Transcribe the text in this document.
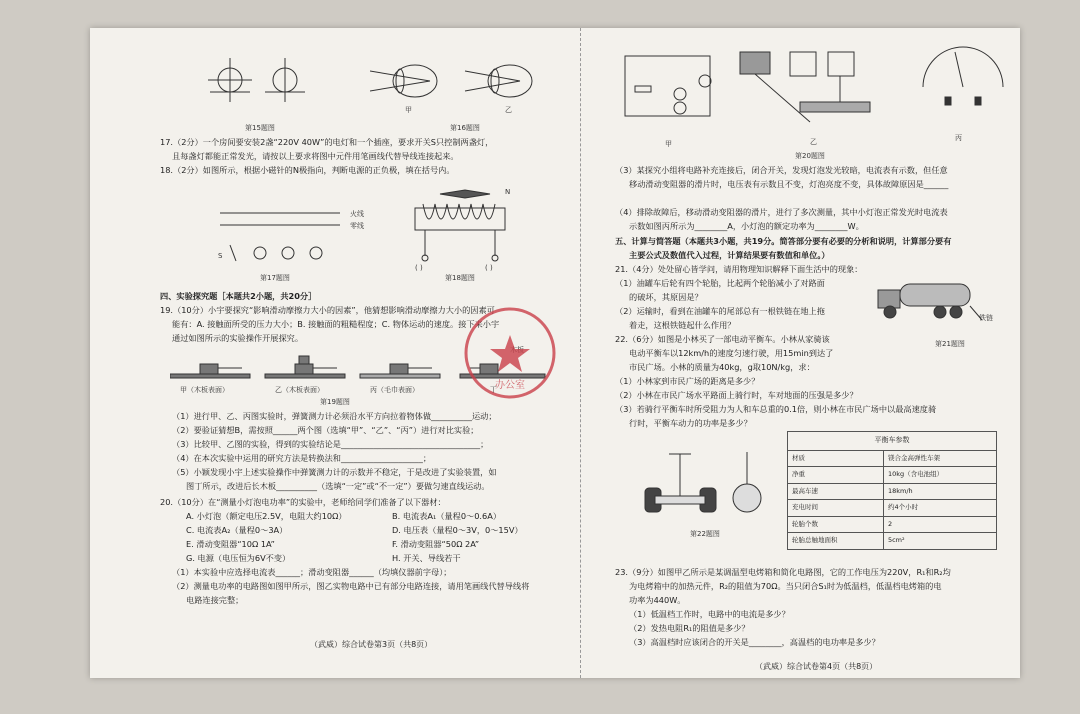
甲	乙
第15题图	第16题图
17.（2分）一个房间要安装2盏“220V 40W”的电灯和一个插座，要求开关S只控制两盏灯，
且每盏灯都能正常发光，请按以上要求将图中元件用笔画线代替导线连接起来。
18.（2分）如图所示，根据小磁针的N极指向，判断电源的正负极，填在括号内。
火线
零线
S
第17题图
N
( )	( )
第18题图
四、实验探究题［本题共2小题，共20分］
19.（10分）小宇要探究“影响滑动摩擦力大小的因素”，他猜想影响滑动摩擦力大小的因素可
能有：A. 接触面所受的压力大小；B. 接触面的粗糙程度；C. 物体运动的速度。接下来小宇
通过如图所示的实验操作开展探究。
甲（木板表面）	乙（木板表面）	丙（毛巾表面）	丁
第19题图
（1）进行甲、乙、丙图实验时，弹簧测力计必须沿水平方向拉着物体做__________运动；
（2）要验证猜想B，需按照______两个图（选填“甲”、“乙”、“丙”）进行对比实验；
（3）比较甲、乙图的实验，得到的实验结论是__________________________________；
（4）在本次实验中运用的研究方法是转换法和____________________；
（5）小颖发现小宇上述实验操作中弹簧测力计的示数并不稳定，于是改进了实验装置，如
图丁所示，改进后长木板__________（选填“一定”或“不一定”）要做匀速直线运动。
20.（10分）在“测量小灯泡电功率”的实验中，老师给同学们准备了以下器材：
A. 小灯泡（额定电压2.5V，电阻大约10Ω）	B. 电流表A₁（量程0～0.6A）
C. 电流表A₂（量程0～3A）	D. 电压表（量程0～3V，0～15V）
E. 滑动变阻器“10Ω 1A”	F. 滑动变阻器“50Ω 2A”
G. 电源（电压恒为6V不变）	H. 开关、导线若干
（1）本实验中应选择电流表______；滑动变阻器______（均填仪器前字母）；
（2）测量电功率的电路图如图甲所示，图乙实物电路中已有部分电路连接，请用笔画线代替导线将
电路连接完整；
（武威）综合试卷第3页（共8页）
办公室
甲	乙	丙
第20题图
（3）某探究小组将电路补充连接后，闭合开关，发现灯泡发光较暗，电流表有示数，但任意
移动滑动变阻器的滑片时，电压表有示数且不变，灯泡亮度不变，具体故障原因是______
（4）排除故障后，移动滑动变阻器的滑片，进行了多次测量，其中小灯泡正常发光时电流表
示数如图丙所示为________A，小灯泡的额定功率为________W。
五、计算与简答题（本题共3小题，共19分。简答部分要有必要的分析和说明，计算部分要有
主要公式及数值代入过程，计算结果要有数值和单位。）
21.（4分）处处留心皆学问，请用物理知识解释下面生活中的现象：
（1）油罐车后轮有四个轮胎，比起两个轮胎减小了对路面
的破坏，其原因是？
（2）运输时，看到在油罐车的尾部总有一根铁链在地上拖
着走，这根铁链起什么作用？
铁链
第21题图
22.（6分）如图是小林买了一部电动平衡车。小林从家骑该
电动平衡车以12km/h的速度匀速行驶，用15min到达了
市民广场。小林的质量为40kg，g取10N/kg，求：
（1）小林家到市民广场的距离是多少？
（2）小林在市民广场水平路面上骑行时，车对地面的压强是多少？
（3）若骑行平衡车时所受阻力为人和车总重的0.1倍，则小林在市民广场中以最高速度骑
行时，平衡车动力的功率是多少？
第22题图
平衡车参数
材质	镁合金高弹性车架
净重	10kg（含电池组）
最高车速	18km/h
充电时间	约4个小时
轮胎个数	2
轮胎总触地面积	5cm²
23.（9分）如图甲乙所示是某调温型电烤箱和简化电路图，它的工作电压为220V，R₁和R₂均
为电烤箱中的加热元件，R₂的阻值为70Ω。当只闭合S₁时为低温档，低温档电烤箱的电
功率为440W。
（1）低温档工作时，电路中的电流是多少？
（2）发热电阻R₁的阻值是多少？
（3）高温档时应该闭合的开关是________，高温档的电功率是多少？
（武威）综合试卷第4页（共8页）
